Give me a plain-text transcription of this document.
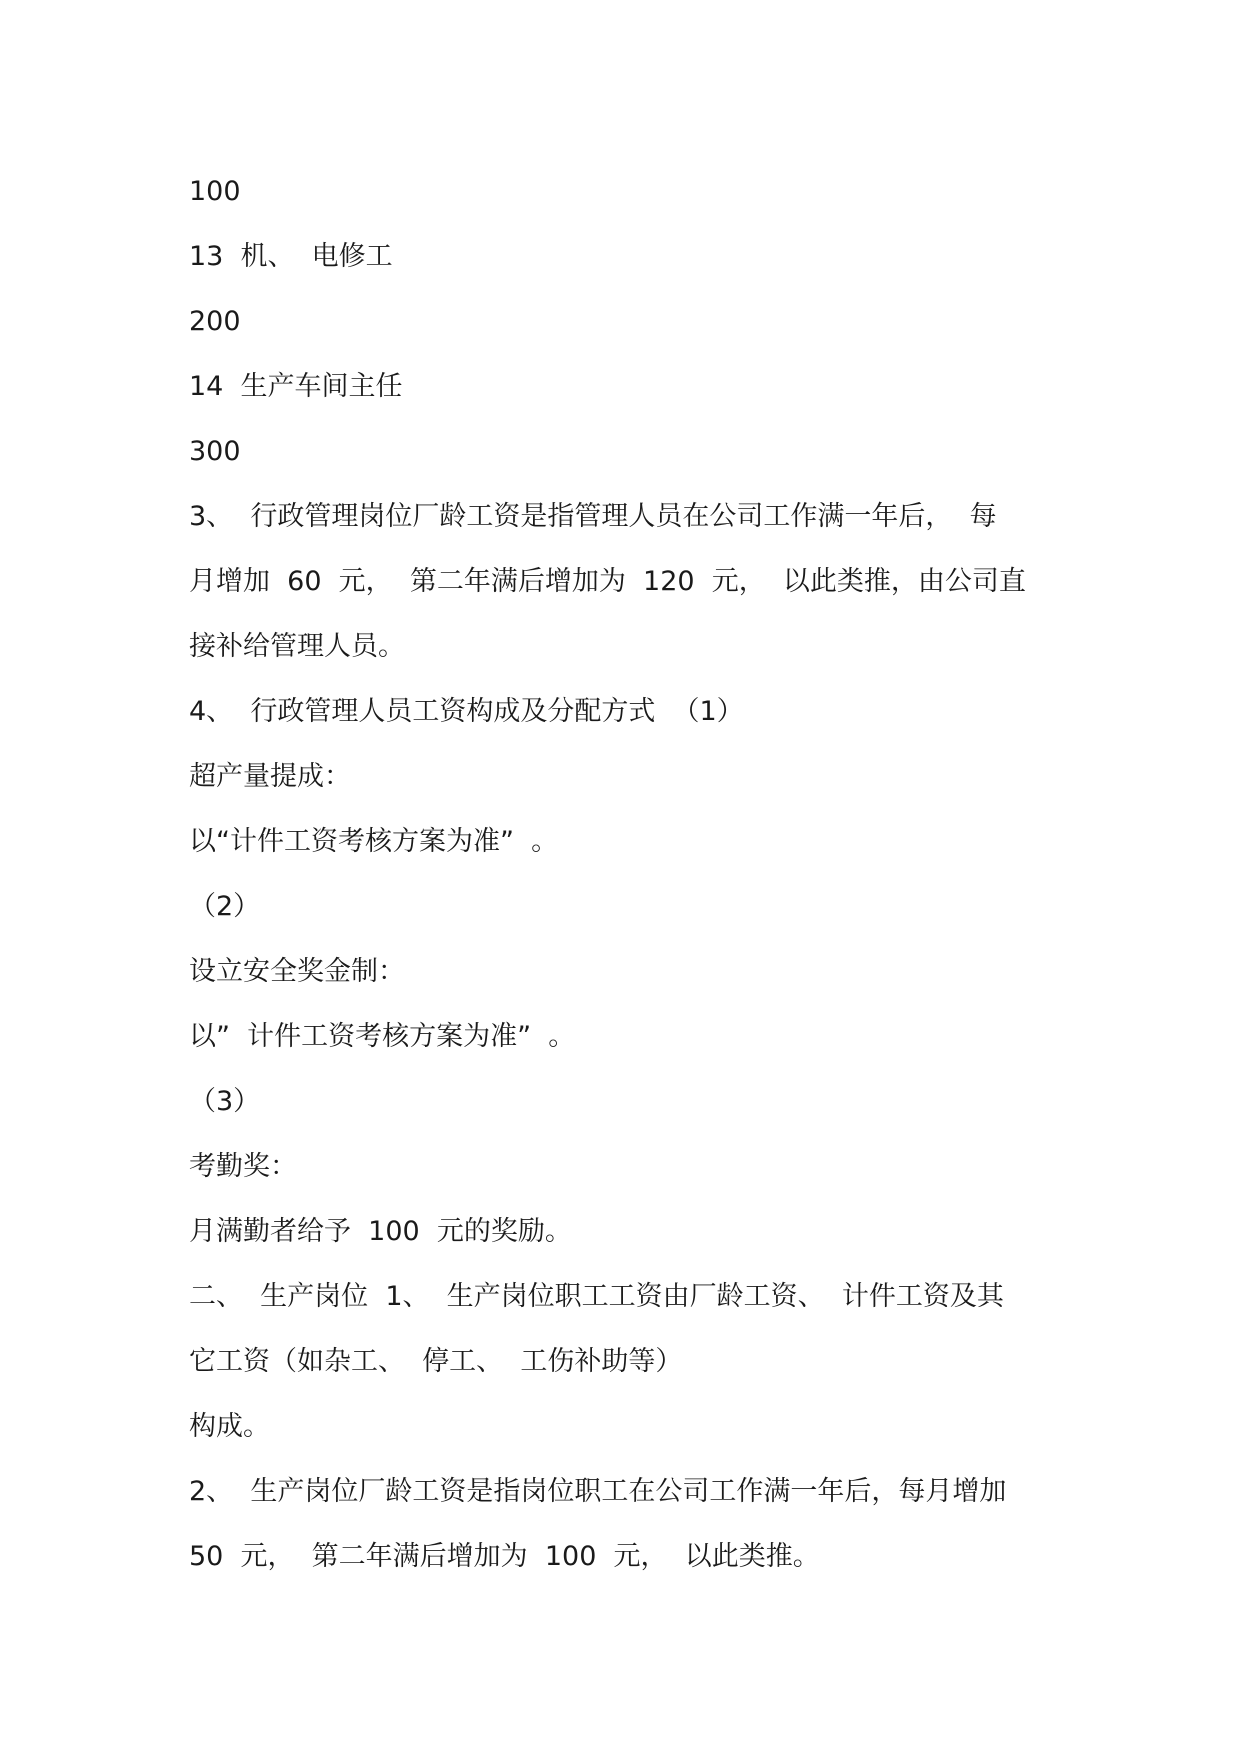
100

13  机、  电修工

200

14  生产车间主任

300

3、  行政管理岗位厂龄工资是指管理人员在公司工作满一年后，  每

月增加  60  元，  第二年满后增加为  120  元，  以此类推，由公司直

接补给管理人员。

4、  行政管理人员工资构成及分配方式  （1）

超产量提成：

以“计件工资考核方案为准”  。

（2）

设立安全奖金制：

以”  计件工资考核方案为准”  。

（3）

考勤奖：

月满勤者给予  100  元的奖励。

二、  生产岗位  1、  生产岗位职工工资由厂龄工资、  计件工资及其

它工资（如杂工、  停工、  工伤补助等）

构成。

2、  生产岗位厂龄工资是指岗位职工在公司工作满一年后，每月增加

50  元，  第二年满后增加为  100  元，  以此类推。
